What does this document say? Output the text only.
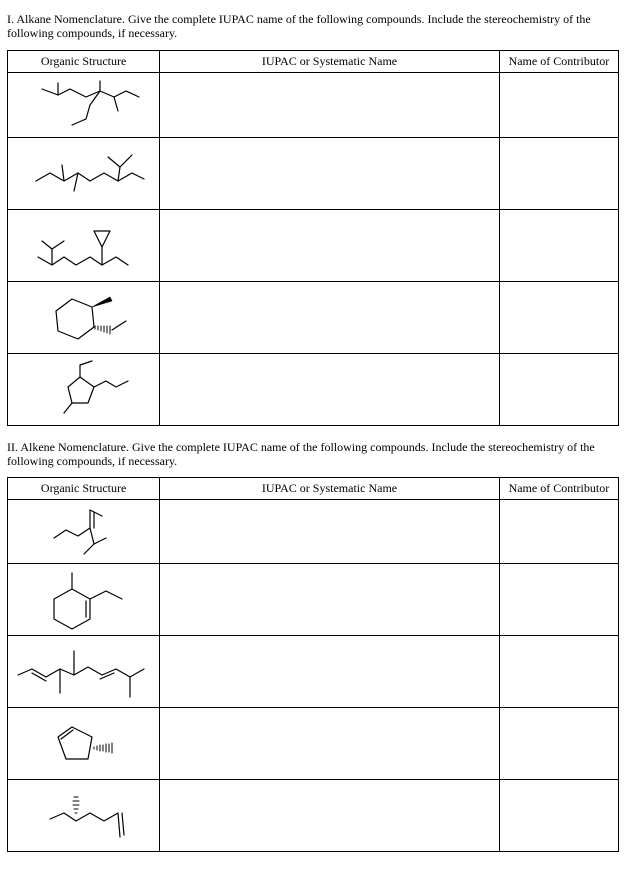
I. Alkane Nomenclature. Give the complete IUPAC name of the following compounds. Include the stereochemistry of the following compounds, if necessary.

Organic Structure	IUPAC or Systematic Name	Name of Contributor

II. Alkene Nomenclature. Give the complete IUPAC name of the following compounds. Include the stereochemistry of the following compounds, if necessary.

Organic Structure	IUPAC or Systematic Name	Name of Contributor
